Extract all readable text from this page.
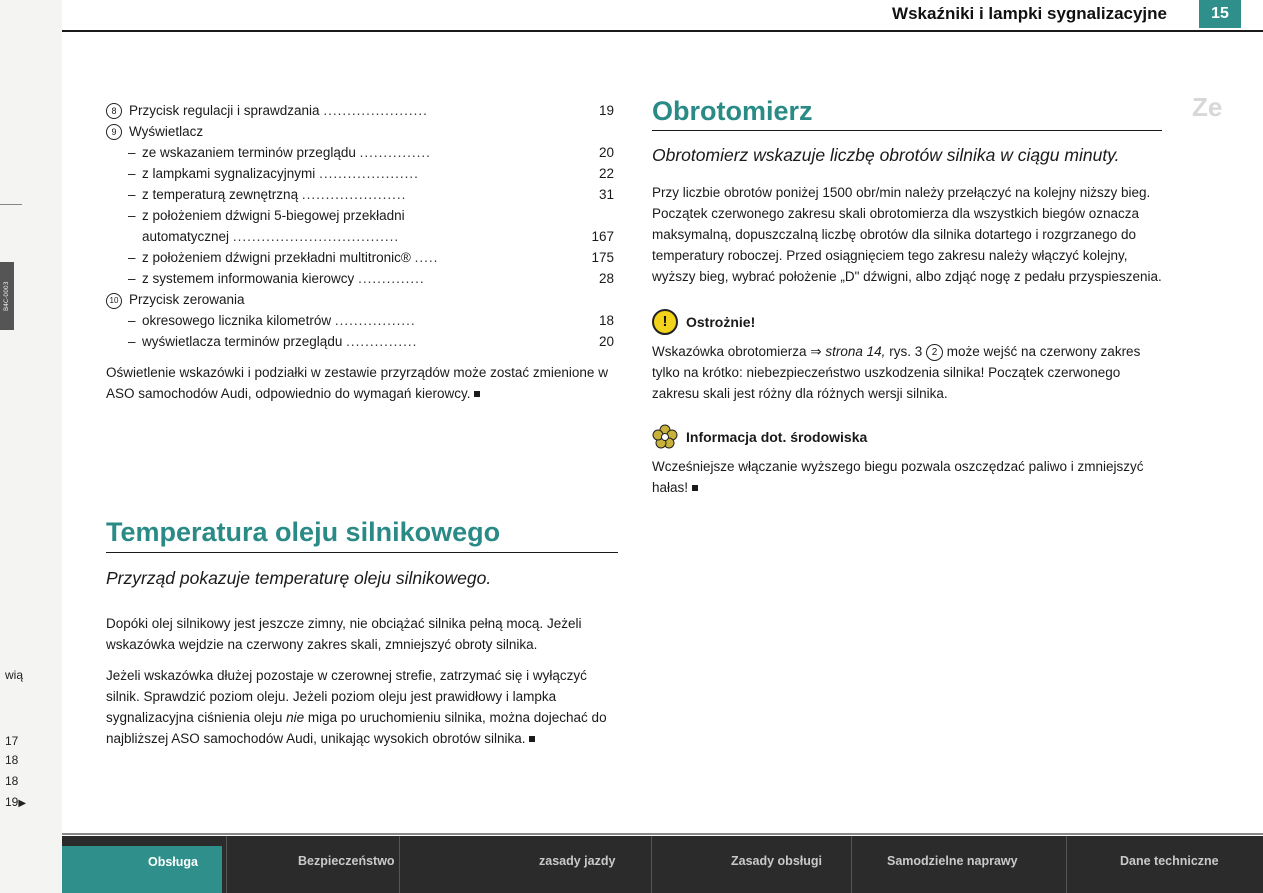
B4C-0003
wią
17
18
18
19▶
Wskaźniki i lampki sygnalizacyjne	15
8 Przycisk regulacji i sprawdzania ......................	19
9 Wyświetlacz
– ze wskazaniem terminów przeglądu ...............	20
– z lampkami sygnalizacyjnymi .....................	22
– z temperaturą zewnętrzną ......................	31
– z położeniem dźwigni 5-biegowej przekładni
automatycznej ...................................	167
– z położeniem dźwigni przekładni multitronic® .....	175
– z systemem informowania kierowcy ..............	28
10 Przycisk zerowania
– okresowego licznika kilometrów .................	18
– wyświetlacza terminów przeglądu ...............	20

Oświetlenie wskazówki i podziałki w zestawie przyrządów może zostać zmienione w ASO samochodów Audi, odpowiednio do wymagań kierowcy.

Temperatura oleju silnikowego
Przyrząd pokazuje temperaturę oleju silnikowego.

Dopóki olej silnikowy jest jeszcze zimny, nie obciążać silnika pełną mocą. Jeżeli wskazówka wejdzie na czerwony zakres skali, zmniejszyć obroty silnika.

Jeżeli wskazówka dłużej pozostaje w czerownej strefie, zatrzymać się i wyłączyć silnik. Sprawdzić poziom oleju. Jeżeli poziom oleju jest prawidłowy i lampka sygnalizacyjna ciśnienia oleju nie miga po uruchomieniu silnika, można dojechać do najbliższej ASO samochodów Audi, unikając wysokich obrotów silnika.

Obrotomierz
Obrotomierz wskazuje liczbę obrotów silnika w ciągu minuty.

Przy liczbie obrotów poniżej 1500 obr/min należy przełączyć na kolejny niższy bieg. Początek czerwonego zakresu skali obrotomierza dla wszystkich biegów oznacza maksymalną, dopuszczalną liczbę obrotów dla silnika dotartego i rozgrzanego do temperatury roboczej. Przed osiągnięciem tego zakresu należy włączyć kolejny, wyższy bieg, wybrać położenie „D" dźwigni, albo zdjąć nogę z pedału przyspieszenia.

!	Ostrożnie!

Wskazówka obrotomierza ⇒ strona 14, rys. 3 2 może wejść na czerwony zakres tylko na krótko: niebezpieczeństwo uszkodzenia silnika! Początek czerwonego zakresu skali jest różny dla różnych wersji silnika.

Informacja dot. środowiska

Wcześniejsze włączanie wyższego biegu pozwala oszczędzać paliwo i zmniejszyć hałas!

Ze
Obsługa	Bezpieczeństwo	zasady jazdy	Zasady obsługi	Samodzielne naprawy	Dane techniczne
